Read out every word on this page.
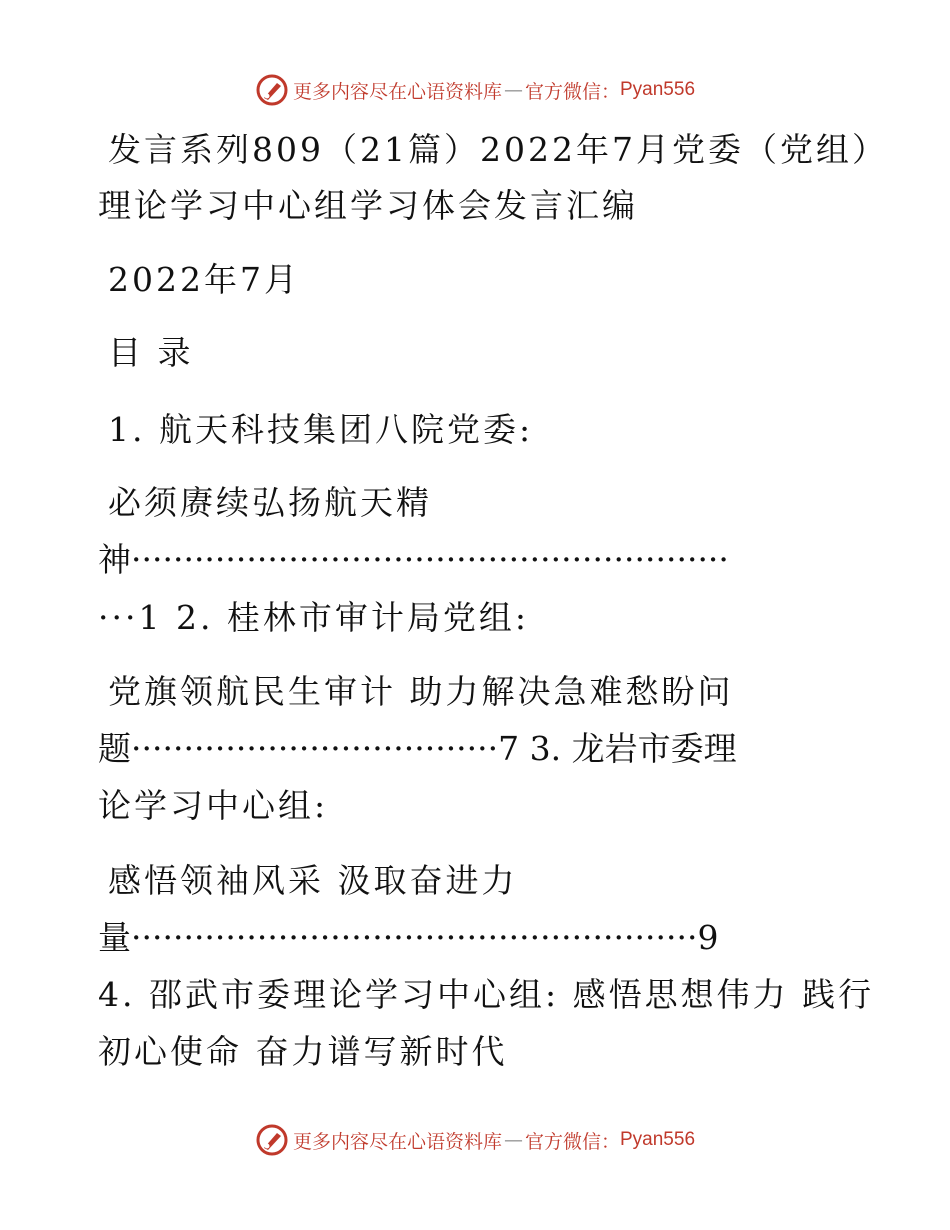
更多内容尽在心语资料库 — 官方微信： Pyan556
发言系列809（21篇）2022年7月党委（党组）
理论学习中心组学习体会发言汇编
2022年7月
目 录
1. 航天科技集团八院党委:
必须赓续弘扬航天精
神·························································
···1 2. 桂林市审计局党组:
党旗领航民生审计 助力解决急难愁盼问
题···································7 3. 龙岩市委理
论学习中心组:
感悟领袖风采 汲取奋进力
量······················································9
4. 邵武市委理论学习中心组: 感悟思想伟力 践行
初心使命 奋力谱写新时代
更多内容尽在心语资料库 — 官方微信： Pyan556
